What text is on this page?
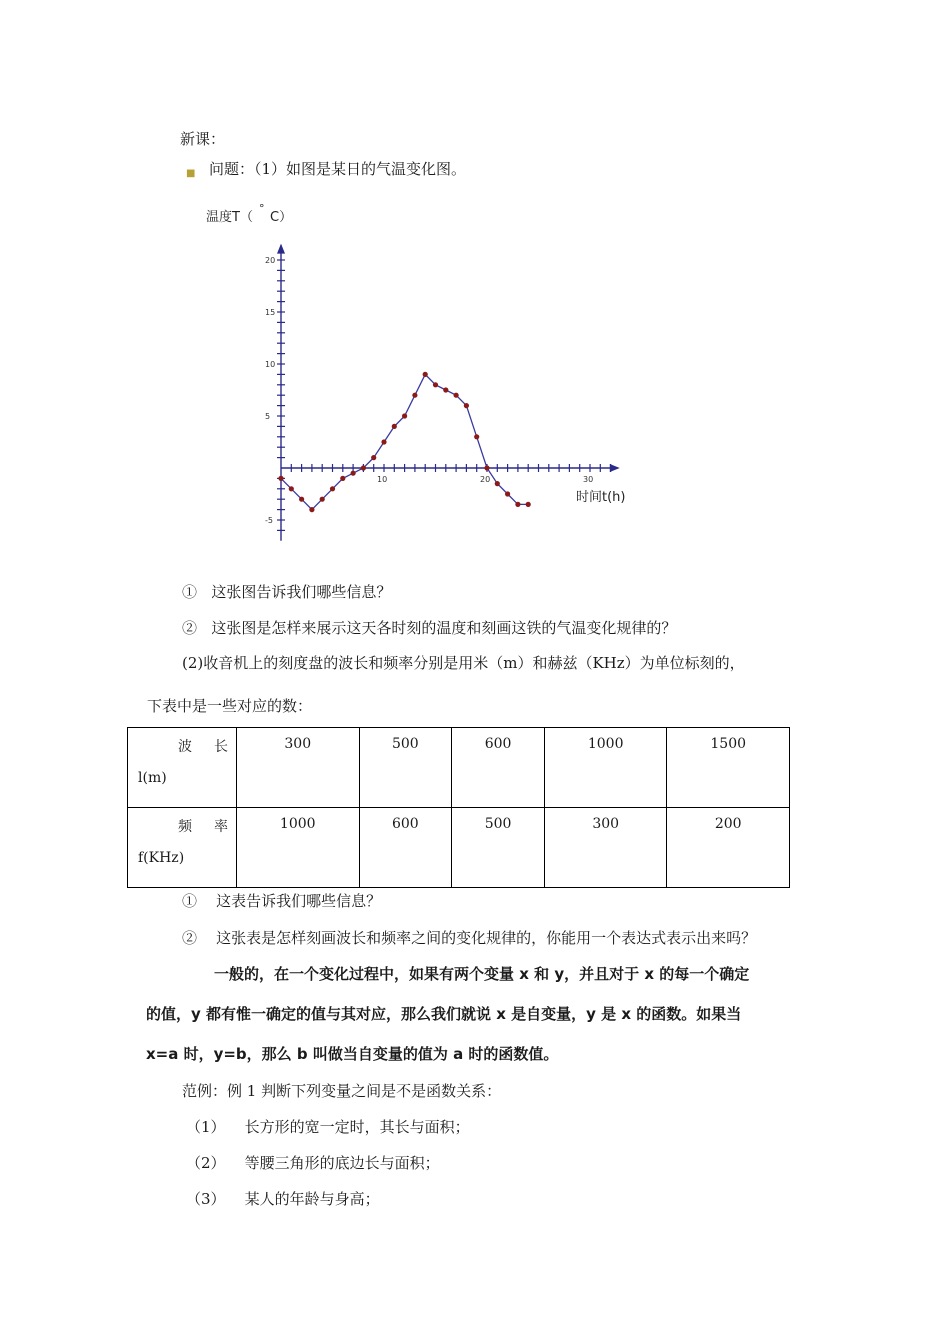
新课：
■ 问题：（1）如图是某日的气温变化图。
温度T（
°
C）
时间t(h)
10	20	30
-5
5
10
15
20
① 这张图告诉我们哪些信息？
② 这张图是怎样来展示这天各时刻的温度和刻画这铁的气温变化规律的？
(2)收音机上的刻度盘的波长和频率分别是用米（m）和赫兹（KHz）为单位标刻的，
下表中是一些对应的数：
波 长
l(m)	300	500	600	1000	1500

频 率
f(KHz)	1000	600	500	300	200
① 这表告诉我们哪些信息？
② 这张表是怎样刻画波长和频率之间的变化规律的，你能用一个表达式表示出来吗？
一般的，在一个变化过程中，如果有两个变量 x 和 y，并且对于 x 的每一个确定
的值，y 都有惟一确定的值与其对应，那么我们就说 x 是自变量，y 是 x 的函数。如果当
x=a 时，y=b，那么 b 叫做当自变量的值为 a 时的函数值。
范例：例 1 判断下列变量之间是不是函数关系：
（1） 长方形的宽一定时，其长与面积；
（2） 等腰三角形的底边长与面积；
（3） 某人的年龄与身高；
